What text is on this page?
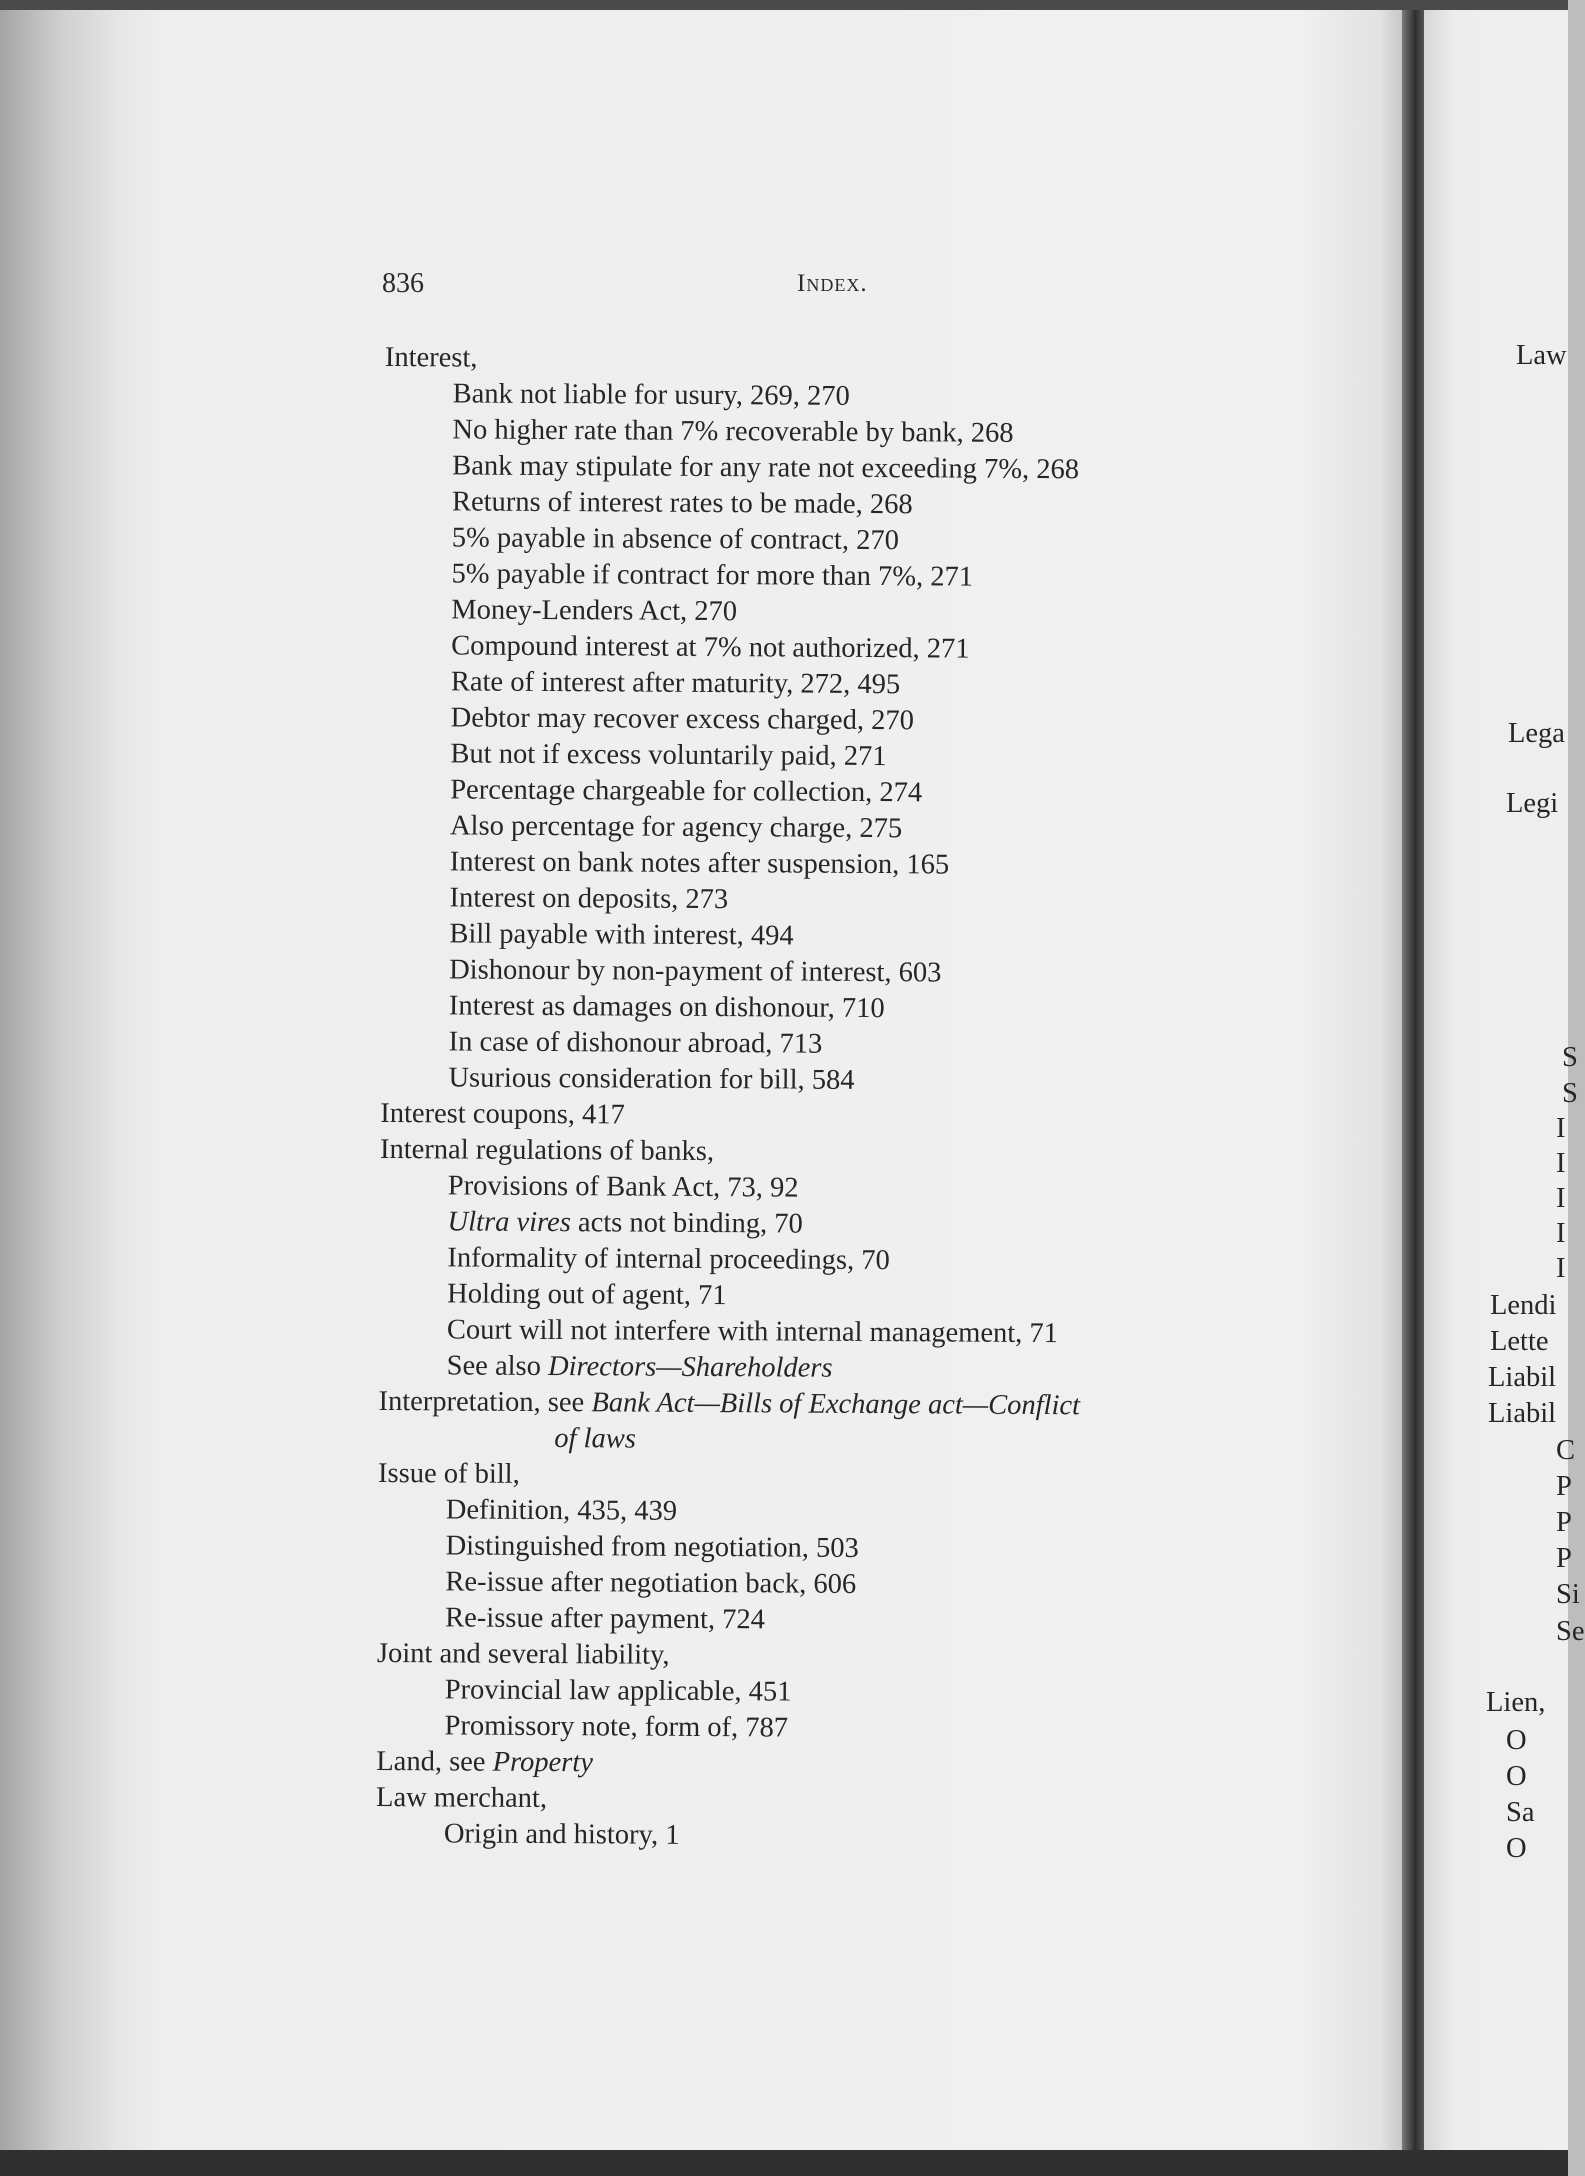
836	Index.
Interest,
Bank not liable for usury, 269, 270
No higher rate than 7% recoverable by bank, 268
Bank may stipulate for any rate not exceeding 7%, 268
Returns of interest rates to be made, 268
5% payable in absence of contract, 270
5% payable if contract for more than 7%, 271
Money-Lenders Act, 270
Compound interest at 7% not authorized, 271
Rate of interest after maturity, 272, 495
Debtor may recover excess charged, 270
But not if excess voluntarily paid, 271
Percentage chargeable for collection, 274
Also percentage for agency charge, 275
Interest on bank notes after suspension, 165
Interest on deposits, 273
Bill payable with interest, 494
Dishonour by non-payment of interest, 603
Interest as damages on dishonour, 710
In case of dishonour abroad, 713
Usurious consideration for bill, 584
Interest coupons, 417
Internal regulations of banks,
Provisions of Bank Act, 73, 92
Ultra vires acts not binding, 70
Informality of internal proceedings, 70
Holding out of agent, 71
Court will not interfere with internal management, 71
See also Directors—Shareholders
Interpretation, see Bank Act—Bills of Exchange act—Conflict
of laws
Issue of bill,
Definition, 435, 439
Distinguished from negotiation, 503
Re-issue after negotiation back, 606
Re-issue after payment, 724
Joint and several liability,
Provincial law applicable, 451
Promissory note, form of, 787
Land, see Property
Law merchant,
Origin and history, 1
Law
Lega
Legi
S
S
I
I
I
I
I
Lendi
Lette
Liabil
Liabil
C
P
P
P
Si
Se
Lien,
O
O
Sa
O
